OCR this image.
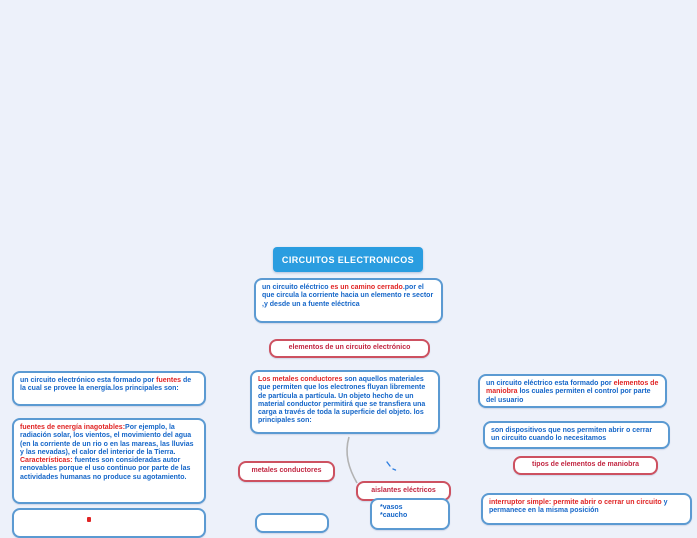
CIRCUITOS ELECTRONICOS
un circuito eléctrico es un camino cerrado.por el que circula la corriente hacia un elemento re sector ,y desde un a fuente eléctrica
elementos de un circuito electrónico
Los metales conductores son aquellos materiales que permiten que los electrones fluyan libremente de partícula a partícula. Un objeto hecho de un material conductor permitirá que se transfiera una carga a través de toda la superficie del objeto. los principales son:
un circuito electrónico esta formado por fuentes de la cual se provee la energía.los principales son:
fuentes de energía inagotables:Por ejemplo, la radiación solar, los vientos, el movimiento del agua (en la corriente de un rio o en las mareas, las lluvias y las nevadas), el calor del interior de la Tierra. Características: fuentes son consideradas autor renovables porque el uso continuo por parte de las actividades humanas no produce su agotamiento.
metales conductores
aislantes eléctricos
*vasos
*caucho
un circuito eléctrico esta formado por elementos de maniobra los cuales permiten el control por parte del usuario
son dispositivos que nos permiten abrir o cerrar un circuito cuando lo necesitamos
tipos de elementos de maniobra
interruptor simple: permite abrir o cerrar un circuito y permanece en la misma posición
